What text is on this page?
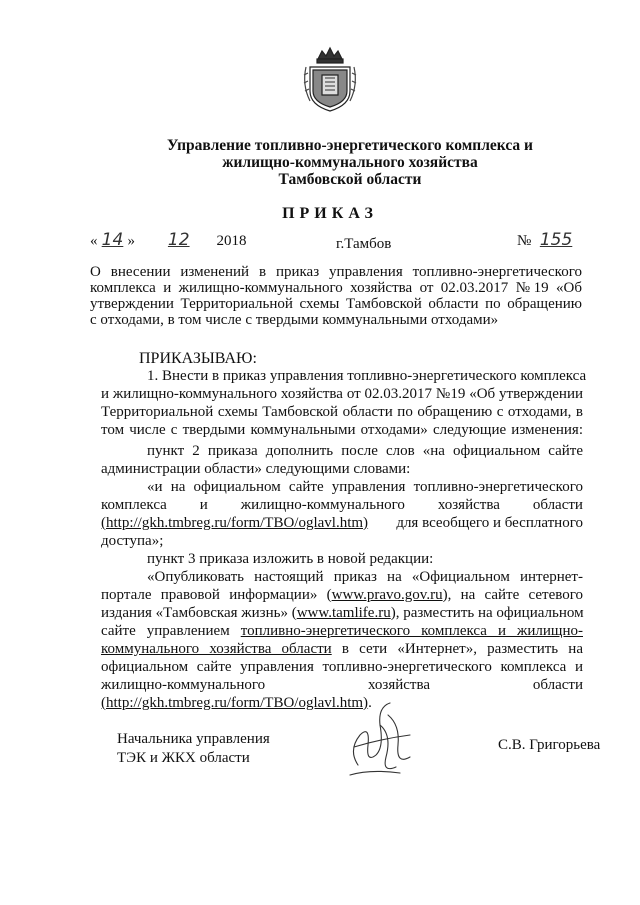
Управление топливно-энергетического комплекса и
жилищно-коммунального хозяйства
Тамбовской области
ПРИКАЗ
« 14 » 12 2018	г.Тамбов	№ 155
О внесении изменений в приказ управления топливно-энергетического
комплекса и жилищно-коммунального хозяйства от 02.03.2017 №19 «Об
утверждении Территориальной схемы Тамбовской области по обращению
с отходами, в том числе с твердыми коммунальными отходами»
ПРИКАЗЫВАЮ:
1. Внести в приказ управления топливно-энергетического комплекса
и жилищно-коммунального хозяйства от 02.03.2017 №19 «Об утверждении
Территориальной схемы Тамбовской области по обращению с отходами, в
том числе с твердыми коммунальными отходами» следующие изменения:
пункт 2 приказа дополнить после слов «на официальном сайте
администрации области» следующими словами:
«и на официальном сайте управления топливно-энергетического
комплекса и жилищно-коммунального хозяйства области
(http://gkh.tmbreg.ru/form/TBO/oglavl.htm) для всеобщего и бесплатного
доступа»;
пункт 3 приказа изложить в новой редакции:
«Опубликовать настоящий приказ на «Официальном интернет-
портале правовой информации» (www.pravo.gov.ru), на сайте сетевого
издания «Тамбовская жизнь» (www.tamlife.ru), разместить на официальном
сайте управлением топливно-энергетического комплекса и жилищно-
коммунального хозяйства области в сети «Интернет», разместить на
официальном сайте управления топливно-энергетического комплекса и
жилищно-коммунального	хозяйства	области
(http://gkh.tmbreg.ru/form/TBO/oglavl.htm).
Начальника управления
ТЭК и ЖКХ области
С.В. Григорьева
